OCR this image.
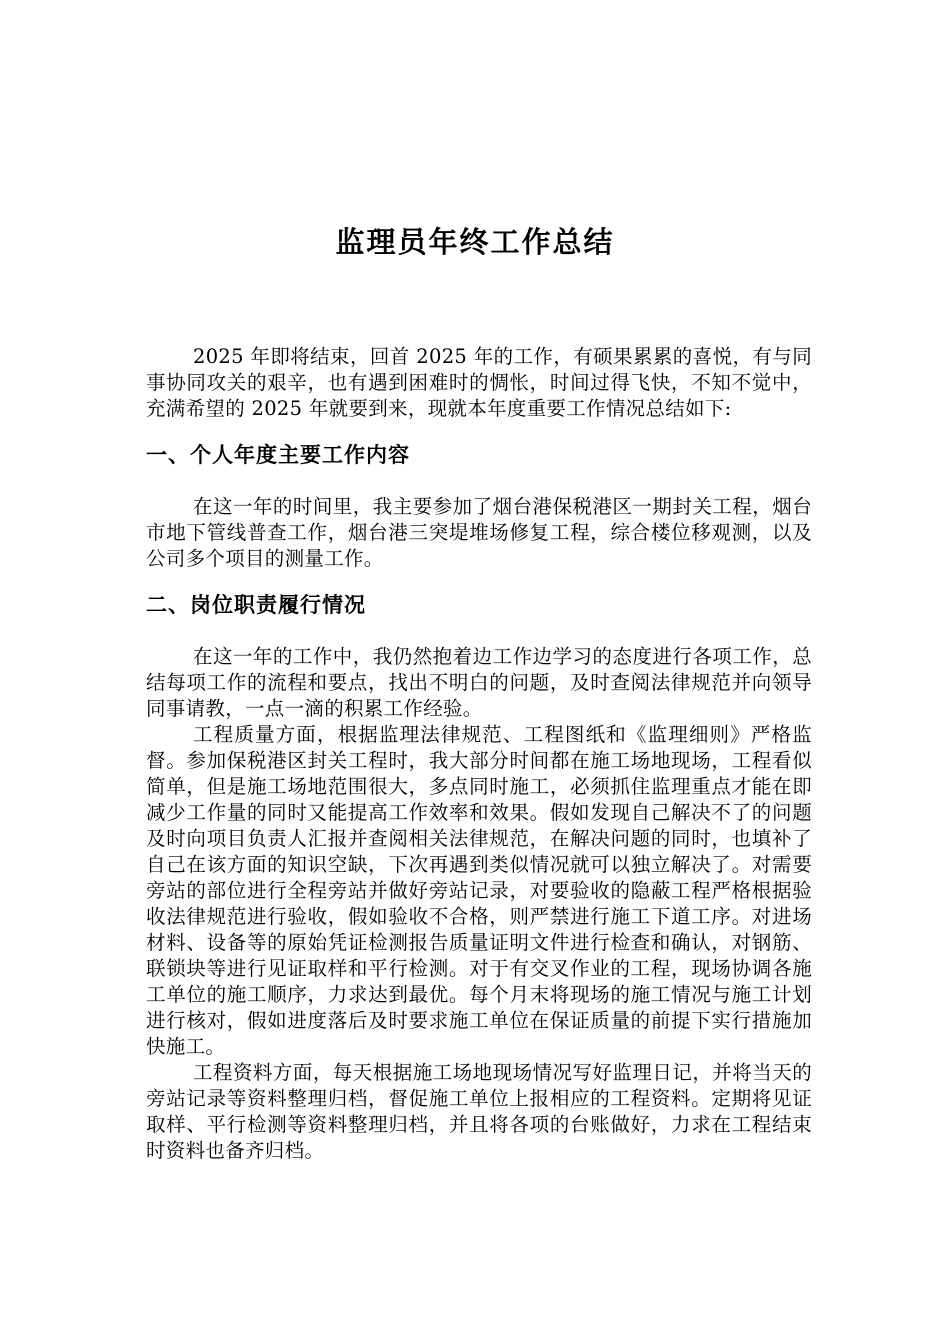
监理员年终工作总结

2025 年即将结束，回首 2025 年的工作，有硕果累累的喜悦，有与同事协同攻关的艰辛，也有遇到困难时的惆怅，时间过得飞快，不知不觉中，充满希望的 2025 年就要到来，现就本年度重要工作情况总结如下:

一、个人年度主要工作内容

在这一年的时间里，我主要参加了烟台港保税港区一期封关工程，烟台市地下管线普查工作，烟台港三突堤堆场修复工程，综合楼位移观测，以及公司多个项目的测量工作。

二、岗位职责履行情况

在这一年的工作中，我仍然抱着边工作边学习的态度进行各项工作，总结每项工作的流程和要点，找出不明白的问题，及时查阅法律规范并向领导同事请教，一点一滴的积累工作经验。

工程质量方面，根据监理法律规范、工程图纸和《监理细则》严格监督。参加保税港区封关工程时，我大部分时间都在施工场地现场，工程看似简单，但是施工场地范围很大，多点同时施工，必须抓住监理重点才能在即减少工作量的同时又能提高工作效率和效果。假如发现自己解决不了的问题及时向项目负责人汇报并查阅相关法律规范，在解决问题的同时，也填补了自己在该方面的知识空缺，下次再遇到类似情况就可以独立解决了。对需要旁站的部位进行全程旁站并做好旁站记录，对要验收的隐蔽工程严格根据验收法律规范进行验收，假如验收不合格，则严禁进行施工下道工序。对进场材料、设备等的原始凭证检测报告质量证明文件进行检查和确认，对钢筋、联锁块等进行见证取样和平行检测。对于有交叉作业的工程，现场协调各施工单位的施工顺序，力求达到最优。每个月末将现场的施工情况与施工计划进行核对，假如进度落后及时要求施工单位在保证质量的前提下实行措施加快施工。

工程资料方面，每天根据施工场地现场情况写好监理日记，并将当天的旁站记录等资料整理归档，督促施工单位上报相应的工程资料。定期将见证取样、平行检测等资料整理归档，并且将各项的台账做好，力求在工程结束时资料也备齐归档。
